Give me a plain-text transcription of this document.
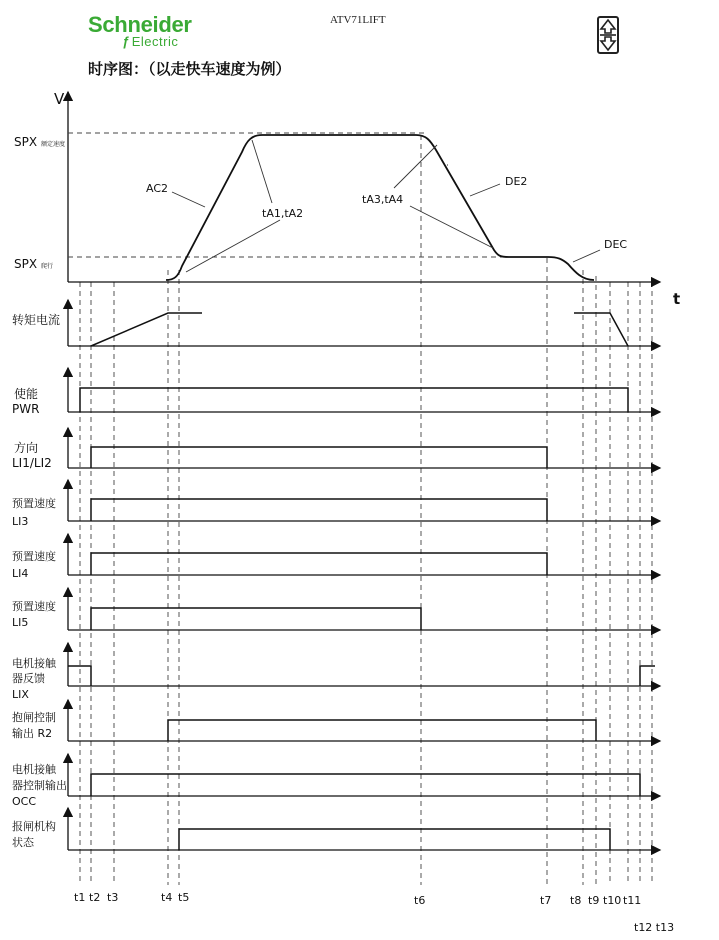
Schneider
ƒ Electric
ATV71LIFT
时序图：（以走快车速度为例）
V
t
SPX 额定速度
SPX 爬行
AC2
DE2
DEC
tA1,tA2
tA3,tA4
转矩电流
使能
PWR
方向
LI1/LI2
预置速度
LI3
预置速度
LI4
预置速度
LI5
电机接触
器反馈
LIX
抱闸控制
输出 R2
电机接触
器控制输出
OCC
报闸机构
状态
t1 t2 t3	t4 t5	t6	t7 t8 t9 t10 t11
t12 t13
